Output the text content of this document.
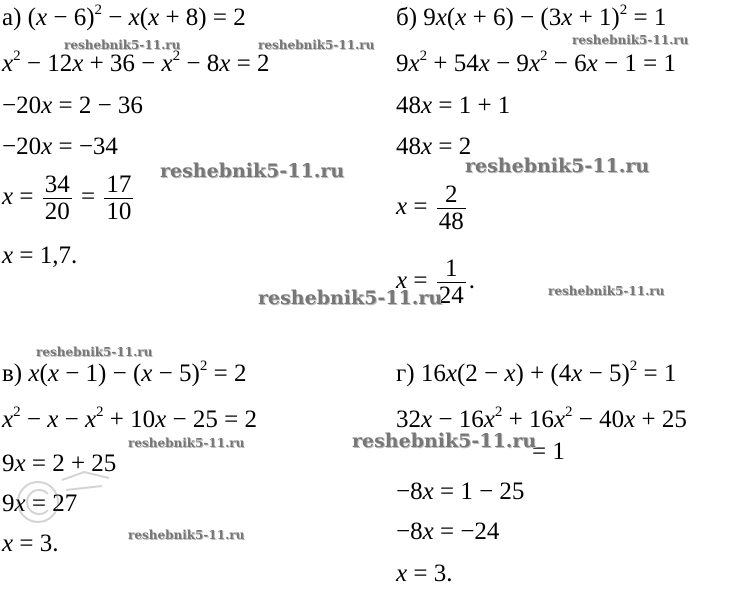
а) $(x - 6)^2 - x(x + 8) = 2$
$x^2 - 12x + 36 - x^2 - 8x = 2$
−20x = 2 − 36
−20x = −34
$x = \frac{34}{20} = \frac{17}{10}$
x = 1,7.
б) $9x(x + 6) - (3x + 1)^2 = 1$
$9x^2 + 54x - 9x^2 - 6x - 1 = 1$
48x = 1 + 1
48x = 2
$x = \frac{2}{48}$
$x = \frac{1}{24}$ .
в) $x(x - 1) - (x - 5)^2 = 2$
$x^2 - x - x^2 + 10x - 25 = 2$
9x = 2 + 25
9x = 27
x = 3.
г) $16x(2 - x) + (4x - 5)^2 = 1$
$32x - 16x^2 + 16x^2 - 40x + 25$
= 1
−8x = 1 − 25
−8x = −24
x = 3.
reshebnik5-11.ru	reshebnik5-11.ru	reshebnik5-11.ru
reshebnik5-11.ru	reshebnik5-11.ru
reshebnik5-11.ru	reshebnik5-11.ru
reshebnik5-11.ru
reshebnik5-11.ru	reshebnik5-11.ru
reshebnik5-11.ru
